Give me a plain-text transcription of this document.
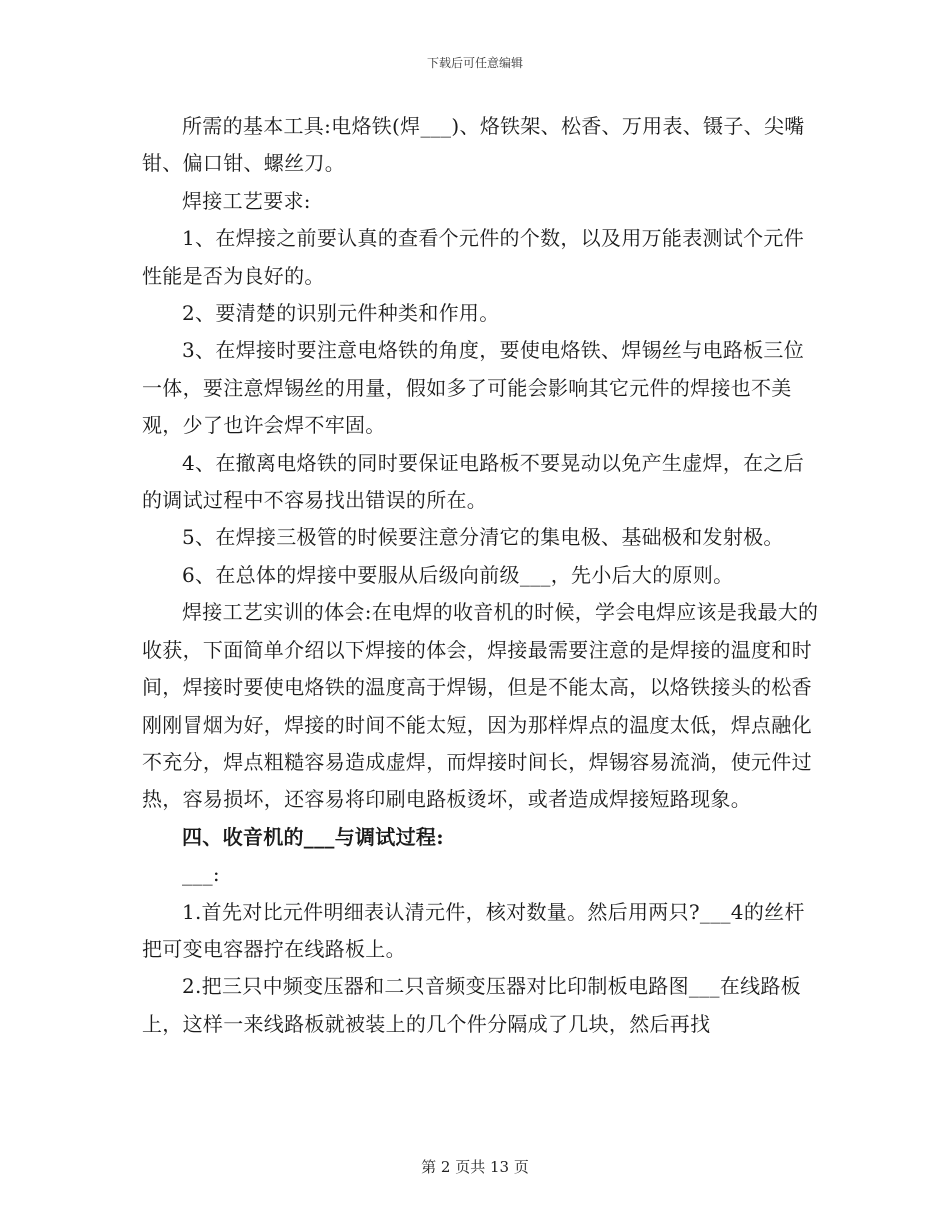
下载后可任意编辑

所需的基本工具:电烙铁(焊___)、烙铁架、松香、万用表、镊子、尖嘴钳、偏口钳、螺丝刀。

焊接工艺要求:

1、在焊接之前要认真的查看个元件的个数，以及用万能表测试个元件性能是否为良好的。

2、要清楚的识别元件种类和作用。

3、在焊接时要注意电烙铁的角度，要使电烙铁、焊锡丝与电路板三位一体，要注意焊锡丝的用量，假如多了可能会影响其它元件的焊接也不美观，少了也许会焊不牢固。

4、在撤离电烙铁的同时要保证电路板不要晃动以免产生虚焊，在之后的调试过程中不容易找出错误的所在。

5、在焊接三极管的时候要注意分清它的集电极、基础极和发射极。

6、在总体的焊接中要服从后级向前级___，先小后大的原则。

焊接工艺实训的体会:在电焊的收音机的时候，学会电焊应该是我最大的收获，下面简单介绍以下焊接的体会，焊接最需要注意的是焊接的温度和时间，焊接时要使电烙铁的温度高于焊锡，但是不能太高，以烙铁接头的松香刚刚冒烟为好，焊接的时间不能太短，因为那样焊点的温度太低，焊点融化不充分，焊点粗糙容易造成虚焊，而焊接时间长，焊锡容易流淌，使元件过热，容易损坏，还容易将印刷电路板烫坏，或者造成焊接短路现象。

四、收音机的___与调试过程:

___:

1.首先对比元件明细表认清元件，核对数量。然后用两只?___4的丝杆把可变电容器拧在线路板上。

2.把三只中频变压器和二只音频变压器对比印制板电路图___在线路板上，这样一来线路板就被装上的几个件分隔成了几块，然后再找

第 2 页共 13 页
